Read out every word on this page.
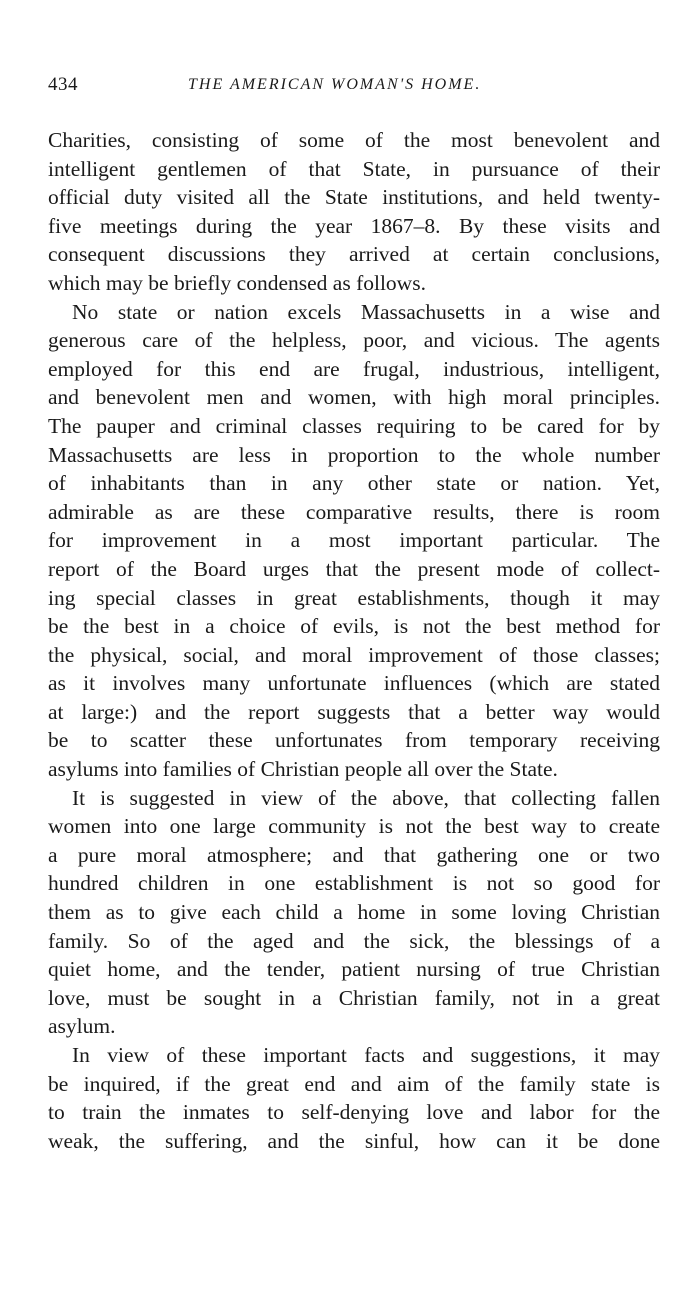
434	THE AMERICAN WOMAN'S HOME.
Charities, consisting of some of the most benevolent and
intelligent gentlemen of that State, in pursuance of their
official duty visited all the State institutions, and held twenty-
five meetings during the year 1867–8. By these visits and
consequent discussions they arrived at certain conclusions,
which may be briefly condensed as follows.
No state or nation excels Massachusetts in a wise and
generous care of the helpless, poor, and vicious. The agents
employed for this end are frugal, industrious, intelligent,
and benevolent men and women, with high moral principles.
The pauper and criminal classes requiring to be cared for by
Massachusetts are less in proportion to the whole number
of inhabitants than in any other state or nation. Yet,
admirable as are these comparative results, there is room
for improvement in a most important particular. The
report of the Board urges that the present mode of collect-
ing special classes in great establishments, though it may
be the best in a choice of evils, is not the best method for
the physical, social, and moral improvement of those classes;
as it involves many unfortunate influences (which are stated
at large:) and the report suggests that a better way would
be to scatter these unfortunates from temporary receiving
asylums into families of Christian people all over the State.
It is suggested in view of the above, that collecting fallen
women into one large community is not the best way to create
a pure moral atmosphere; and that gathering one or two
hundred children in one establishment is not so good for
them as to give each child a home in some loving Christian
family. So of the aged and the sick, the blessings of a
quiet home, and the tender, patient nursing of true Christian
love, must be sought in a Christian family, not in a great
asylum.
In view of these important facts and suggestions, it may
be inquired, if the great end and aim of the family state is
to train the inmates to self-denying love and labor for the
weak, the suffering, and the sinful, how can it be done
